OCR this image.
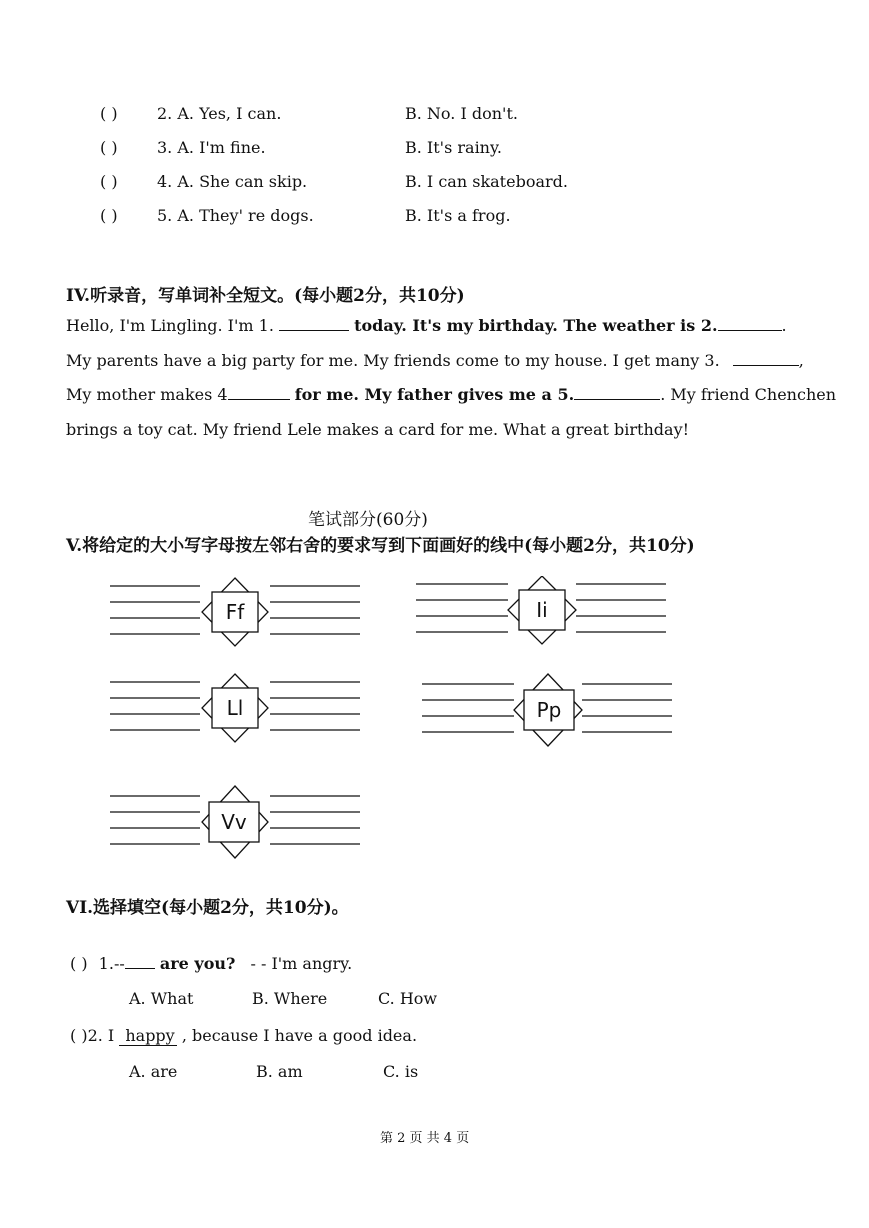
( ) 2. A. Yes, I can.	B. No. I don't.
( ) 3. A. I'm fine.	B. It's rainy.
( ) 4. A. She can skip.	B. I can skateboard.
( ) 5. A. They' re dogs.	B. It's a frog.
IV.听录音，写单词补全短文。(每小题2分，共10分)
Hello, I'm Lingling. I'm 1.	today. It's my birthday. The weather is 2.	.
My parents have a big party for me. My friends come to my house. I get many 3.	,
My mother makes 4	for me. My father gives me a 5.	. My friend Chenchen
brings a toy cat. My friend Lele makes a card for me. What a great birthday!
笔试部分(60分)
V.将给定的大小写字母按左邻右舍的要求写到下面画好的线中(每小题2分，共10分)
Ff	Ii
Ll	Pp
Vv
VI.选择填空(每小题2分，共10分)。
( ) 1.-- are you? - - I'm angry.
A. What	B. Where	C. How
( )2. I happy , because I have a good idea.
A. are	B. am	C. is
第 2 页 共 4 页
